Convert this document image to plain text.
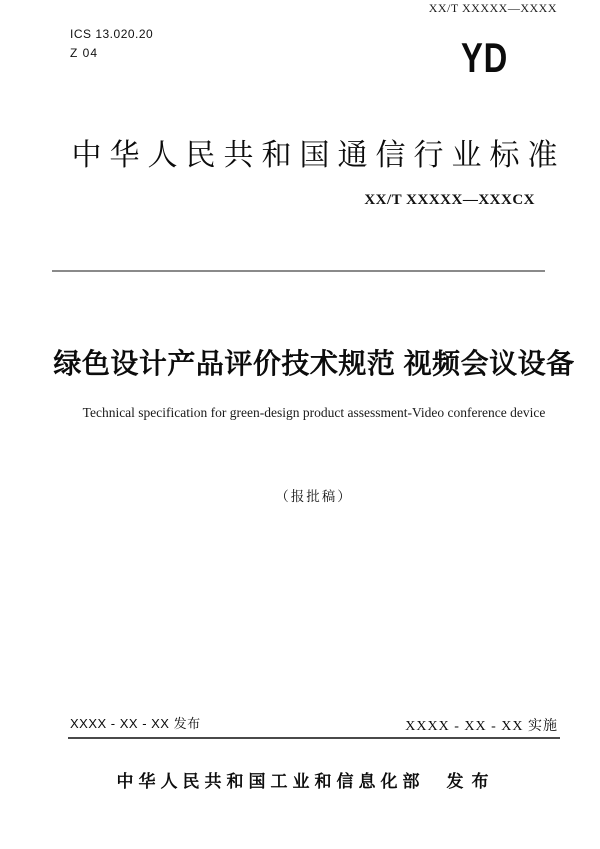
XX/T XXXXX—XXXX
ICS 13.020.20
Z 04	YD
中华人民共和国通信行业标准
XX/T XXXXX—XXXCX
绿色设计产品评价技术规范 视频会议设备
Technical specification for green-design product assessment-Video conference device
（报批稿）
XXXX - XX - XX 发布	XXXX - XX - XX 实施
中华人民共和国工业和信息化部 发布
